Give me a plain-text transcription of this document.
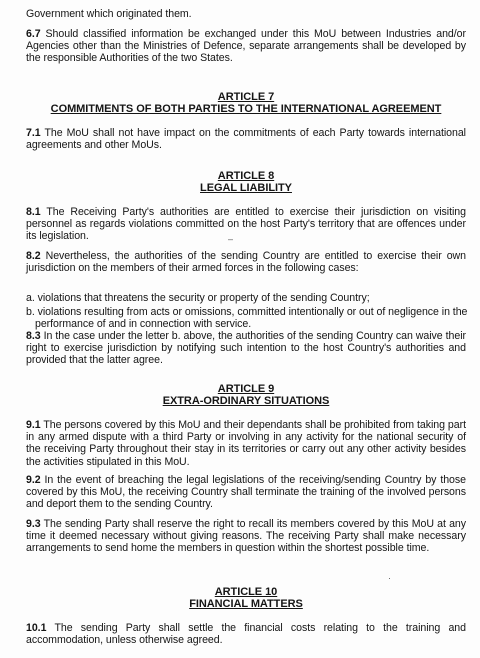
Government which originated them.

6.7 Should classified information be exchanged under this MoU between Industries and/or Agencies other than the Ministries of Defence, separate arrangements shall be developed by the responsible Authorities of the two States.

ARTICLE 7
COMMITMENTS OF BOTH PARTIES TO THE INTERNATIONAL AGREEMENT

7.1 The MoU shall not have impact on the commitments of each Party towards international agreements and other MoUs.

ARTICLE 8
LEGAL LIABILITY

8.1 The Receiving Party's authorities are entitled to exercise their jurisdiction on visiting personnel as regards violations committed on the host Party's territory that are offences under its legislation.

8.2 Nevertheless, the authorities of the sending Country are entitled to exercise their own jurisdiction on the members of their armed forces in the following cases:

a. violations that threatens the security or property of the sending Country;

b. violations resulting from acts or omissions, committed intentionally or out of negligence in the performance of and in connection with service.

8.3 In the case under the letter b. above, the authorities of the sending Country can waive their right to exercise jurisdiction by notifying such intention to the host Country's authorities and provided that the latter agree.

ARTICLE 9
EXTRA-ORDINARY SITUATIONS

9.1 The persons covered by this MoU and their dependants shall be prohibited from taking part in any armed dispute with a third Party or involving in any activity for the national security of the receiving Party throughout their stay in its territories or carry out any other activity besides the activities stipulated in this MoU.

9.2 In the event of breaching the legal legislations of the receiving/sending Country by those covered by this MoU, the receiving Country shall terminate the training of the involved persons and deport them to the sending Country.

9.3 The sending Party shall reserve the right to recall its members covered by this MoU at any time it deemed necessary without giving reasons. The receiving Party shall make necessary arrangements to send home the members in question within the shortest possible time.

ARTICLE 10
FINANCIAL MATTERS

10.1 The sending Party shall settle the financial costs relating to the training and accommodation, unless otherwise agreed.

–
·
